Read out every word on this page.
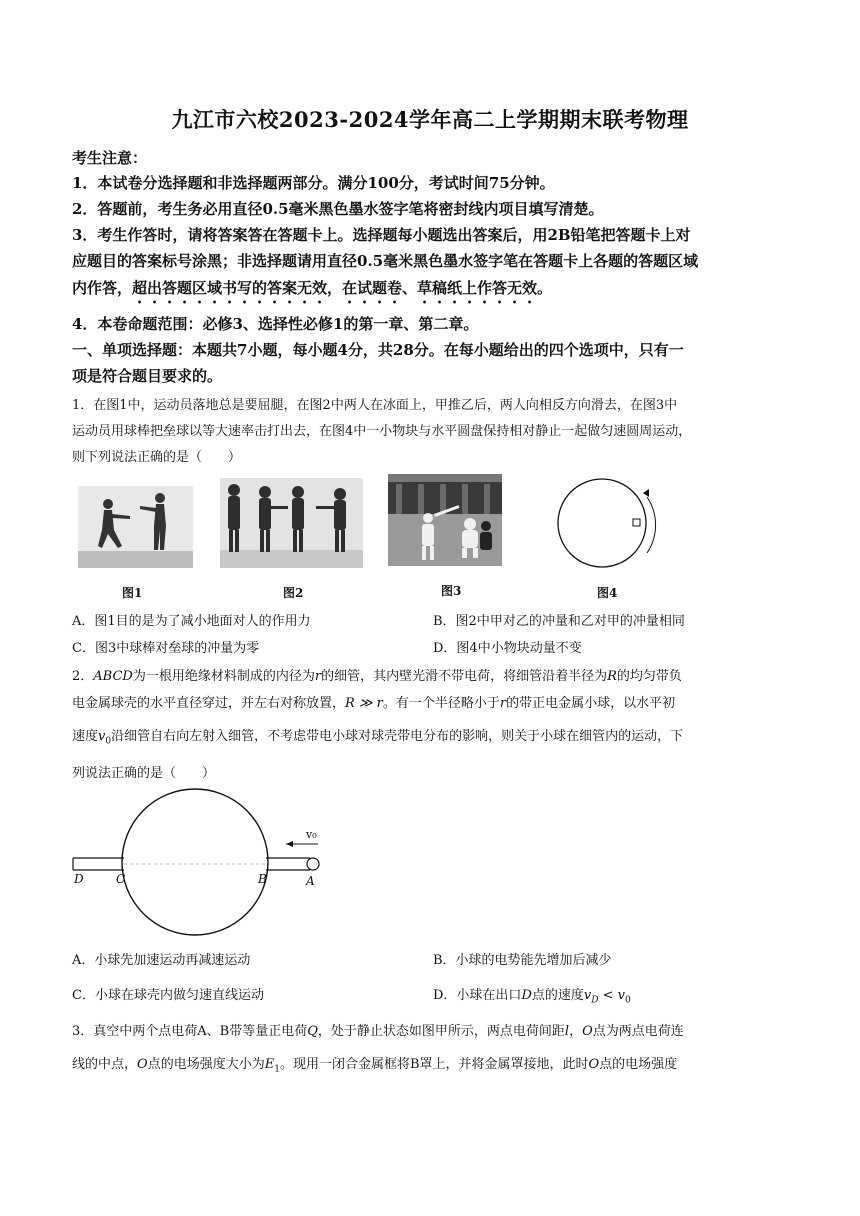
九江市六校2023-2024学年高二上学期期末联考物理
考生注意：
1．本试卷分选择题和非选择题两部分。满分100分，考试时间75分钟。
2．答题前，考生务必用直径0.5毫米黑色墨水签字笔将密封线内项目填写清楚。
3．考生作答时，请将答案答在答题卡上。选择题每小题选出答案后，用2B铅笔把答题卡上对
应题目的答案标号涂黑；非选择题请用直径0.5毫米黑色墨水签字笔在答题卡上各题的答题区域
内作答，超出答题区域书写的答案无效，在试题卷、草稿纸上作答无效。
4．本卷命题范围：必修3、选择性必修1的第一章、第二章。
一、单项选择题：本题共7小题，每小题4分，共28分。在每小题给出的四个选项中，只有一
项是符合题目要求的。
1．在图1中，运动员落地总是要屈腿，在图2中两人在冰面上，甲推乙后，两人向相反方向滑去，在图3中
运动员用球棒把垒球以等大速率击打出去，在图4中一小物块与水平圆盘保持相对静止一起做匀速圆周运动，
则下列说法正确的是（　　）
图1	图2	图3	图4
A．图1目的是为了减小地面对人的作用力	B．图2中甲对乙的冲量和乙对甲的冲量相同
C．图3中球棒对垒球的冲量为零	D．图4中小物块动量不变
2．ABCD为一根用绝缘材料制成的内径为r的细管，其内壁光滑不带电荷，将细管沿着半径为R的均匀带负
电金属球壳的水平直径穿过，并左右对称放置，R ≫ r。有一个半径略小于r的带正电金属小球，以水平初
速度$v_0$沿细管自右向左射入细管，不考虑带电小球对球壳带电分布的影响，则关于小球在细管内的运动，下
列说法正确的是（　　）
D	C	B	A
v₀
A．小球先加速运动再减速运动	B．小球的电势能先增加后减少
C．小球在球壳内做匀速直线运动	D．小球在出口D点的速度$v_D < v_0$
3．真空中两个点电荷A、B带等量正电荷Q，处于静止状态如图甲所示，两点电荷间距l，O点为两点电荷连
线的中点，O点的电场强度大小为$E_1$。现用一闭合金属框将B罩上，并将金属罩接地，此时O点的电场强度
